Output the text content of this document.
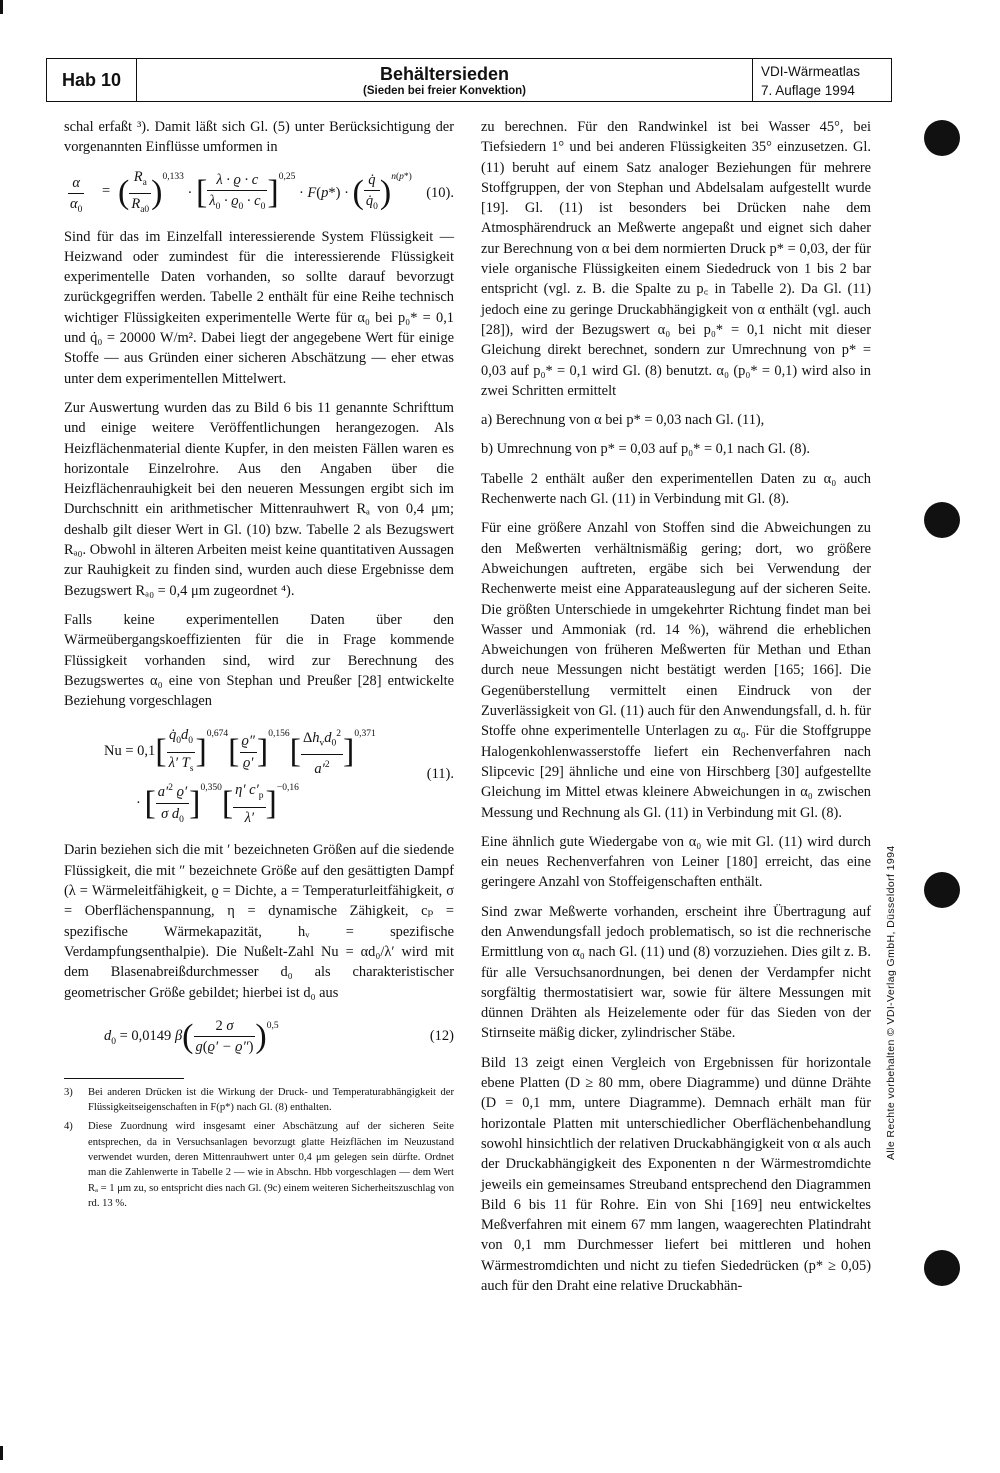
Hab 10	Behältersieden
(Sieden bei freier Konvektion)
VDI-Wärmeatlas
7. Auflage 1994

schal erfaßt ³). Damit läßt sich Gl. (5) unter Berücksichtigung der vorgenannten Einflüsse umformen in

$\frac{\alpha}{\alpha_0}$ = ( $\frac{R_a}{R_{a0}} )^{0,133}$ · [ $\frac{\lambda \cdot ϱ \cdot c}{\lambda_0 \cdot ϱ_0 \cdot c_0} ]^{0,25} \cdot F(p*)$ · ( $\frac{q̇}{q̇_0} )^{n(p*)}$
(10).

Sind für das im Einzelfall interessierende System Flüssigkeit — Heizwand oder zumindest für die interessierende Flüssigkeit experimentelle Daten vorhanden, so sollte darauf bevorzugt zurückgegriffen werden. Tabelle 2 enthält für eine Reihe technisch wichtiger Flüssigkeiten experimentelle Werte für α₀ bei p₀* = 0,1 und q̇₀ = 20000 W/m². Dabei liegt der angegebene Wert für einige Stoffe — aus Gründen einer sicheren Abschätzung — eher etwas unter dem experimentellen Mittelwert.

Zur Auswertung wurden das zu Bild 6 bis 11 genannte Schrifttum und einige weitere Veröffentlichungen herangezogen. Als Heizflächenmaterial diente Kupfer, in den meisten Fällen waren es horizontale Einzelrohre. Aus den Angaben über die Heizflächenrauhigkeit bei den neueren Messungen ergibt sich im Durchschnitt ein arithmetischer Mittenrauhwert Rₐ von 0,4 μm; deshalb gilt dieser Wert in Gl. (10) bzw. Tabelle 2 als Bezugswert Rₐ₀. Obwohl in älteren Arbeiten meist keine quantitativen Aussagen zur Rauhigkeit zu finden sind, wurden auch diese Ergebnisse dem Bezugswert Rₐ₀ = 0,4 μm zugeordnet ⁴).

Falls keine experimentellen Daten über den Wärmeübergangskoeffizienten für die in Frage kommende Flüssigkeit vorhanden sind, wird zur Berechnung des Bezugswertes α₀ eine von Stephan und Preußer [28] entwickelte Beziehung vorgeschlagen

$Nu = 0,1[ \frac{q̇_0d_0}{\lambda' T_s} ]^{0,674}[ \frac{ϱ''}{ϱ'} ]^{0,156}[ \frac{\Delta h_vd_0^2}{a'^2} ]^{0,371}$
· [ $\frac{a'^2 ϱ'}{\sigma d_0} ]^{0,350}[ \frac{\eta' c'_p}{\lambda'} ]^{-0,16}$
(11).

Darin beziehen sich die mit ′ bezeichneten Größen auf die siedende Flüssigkeit, die mit ″ bezeichnete Größe auf den gesättigten Dampf (λ = Wärmeleitfähigkeit, ϱ = Dichte, a = Temperaturleitfähigkeit, σ = Oberflächenspannung, η = dynamische Zähigkeit, cₚ = spezifische Wärmekapazität, hᵥ = spezifische Verdampfungsenthalpie). Die Nußelt-Zahl Nu = αd₀/λ′ wird mit dem Blasenabreißdurchmesser d₀ als charakteristischer geometrischer Größe gebildet; hierbei ist d₀ aus

$d_0 = 0,0149$ $\beta( \frac{2 \sigma}{g(ϱ' - ϱ'')} )^{0,5}$
(12)
3) Bei anderen Drücken ist die Wirkung der Druck- und Temperaturabhängigkeit der Flüssigkeitseigenschaften in F(p*) nach Gl. (8) enthalten.
4) Diese Zuordnung wird insgesamt einer Abschätzung auf der sicheren Seite entsprechen, da in Versuchsanlagen bevorzugt glatte Heizflächen im Neuzustand verwendet wurden, deren Mittenrauhwert unter 0,4 μm gelegen sein dürfte. Ordnet man die Zahlenwerte in Tabelle 2 — wie in Abschn. Hbb vorgeschlagen — dem Wert Rₐ = 1 μm zu, so entspricht dies nach Gl. (9c) einem weiteren Sicherheitszuschlag von rd. 13 %.

zu berechnen. Für den Randwinkel ist bei Wasser 45°, bei Tiefsiedern 1° und bei anderen Flüssigkeiten 35° einzusetzen. Gl. (11) beruht auf einem Satz analoger Beziehungen für mehrere Stoffgruppen, der von Stephan und Abdelsalam aufgestellt wurde [19]. Gl. (11) ist besonders bei Drücken nahe dem Atmosphärendruck an Meßwerte angepaßt und eignet sich daher zur Berechnung von α bei dem normierten Druck p* = 0,03, der für viele organische Flüssigkeiten einem Siededruck von 1 bis 2 bar entspricht (vgl. z. B. die Spalte zu p꜀ in Tabelle 2). Da Gl. (11) jedoch eine zu geringe Druckabhängigkeit von α enthält (vgl. auch [28]), wird der Bezugswert α₀ bei p₀* = 0,1 nicht mit dieser Gleichung direkt berechnet, sondern zur Umrechnung von p* = 0,03 auf p₀* = 0,1 wird Gl. (8) benutzt. α₀ (p₀* = 0,1) wird also in zwei Schritten ermittelt

a) Berechnung von α bei p* = 0,03 nach Gl. (11),

b) Umrechnung von p* = 0,03 auf p₀* = 0,1 nach Gl. (8).

Tabelle 2 enthält außer den experimentellen Daten zu α₀ auch Rechenwerte nach Gl. (11) in Verbindung mit Gl. (8).

Für eine größere Anzahl von Stoffen sind die Abweichungen zu den Meßwerten verhältnismäßig gering; dort, wo größere Abweichungen auftreten, ergäbe sich bei Verwendung der Rechenwerte meist eine Apparateauslegung auf der sicheren Seite. Die größten Unterschiede in umgekehrter Richtung findet man bei Wasser und Ammoniak (rd. 14 %), während die erheblichen Abweichungen von früheren Meßwerten für Methan und Ethan durch neue Messungen nicht bestätigt werden [165; 166]. Die Gegenüberstellung vermittelt einen Eindruck von der Zuverlässigkeit von Gl. (11) auch für den Anwendungsfall, d. h. für Stoffe ohne experimentelle Unterlagen zu α₀. Für die Stoffgruppe Halogenkohlenwasserstoffe liefert ein Rechenverfahren nach Slipcevic [29] ähnliche und eine von Hirschberg [30] aufgestellte Gleichung im Mittel etwas kleinere Abweichungen in α₀ zwischen Messung und Rechnung als Gl. (11) in Verbindung mit Gl. (8).

Eine ähnlich gute Wiedergabe von α₀ wie mit Gl. (11) wird durch ein neues Rechenverfahren von Leiner [180] erreicht, das eine geringere Anzahl von Stoffeigenschaften enthält.

Sind zwar Meßwerte vorhanden, erscheint ihre Übertragung auf den Anwendungsfall jedoch problematisch, so ist die rechnerische Ermittlung von α₀ nach Gl. (11) und (8) vorzuziehen. Dies gilt z. B. für alle Versuchsanordnungen, bei denen der Verdampfer nicht sorgfältig thermostatisiert war, sowie für ältere Messungen mit dünnen Drähten als Heizelemente oder für das Sieden von der Stirnseite mäßig dicker, zylindrischer Stäbe.

Bild 13 zeigt einen Vergleich von Ergebnissen für horizontale ebene Platten (D ≥ 80 mm, obere Diagramme) und dünne Drähte (D = 0,1 mm, untere Diagramme). Demnach erhält man für horizontale Platten mit unterschiedlicher Oberflächenbehandlung sowohl hinsichtlich der relativen Druckabhängigkeit von α als auch der Druckabhängigkeit des Exponenten n der Wärmestromdichte jeweils ein gemeinsames Streuband entsprechend den Diagrammen Bild 6 bis 11 für Rohre. Ein von Shi [169] neu entwickeltes Meßverfahren mit einem 67 mm langen, waagerechten Platindraht von 0,1 mm Durchmesser liefert bei mittleren und hohen Wärmestromdichten und nicht zu tiefen Siededrücken (p* ≥ 0,05) auch für den Draht eine relative Druckabhän-

Alle Rechte vorbehalten © VDI-Verlag GmbH, Düsseldorf 1994
